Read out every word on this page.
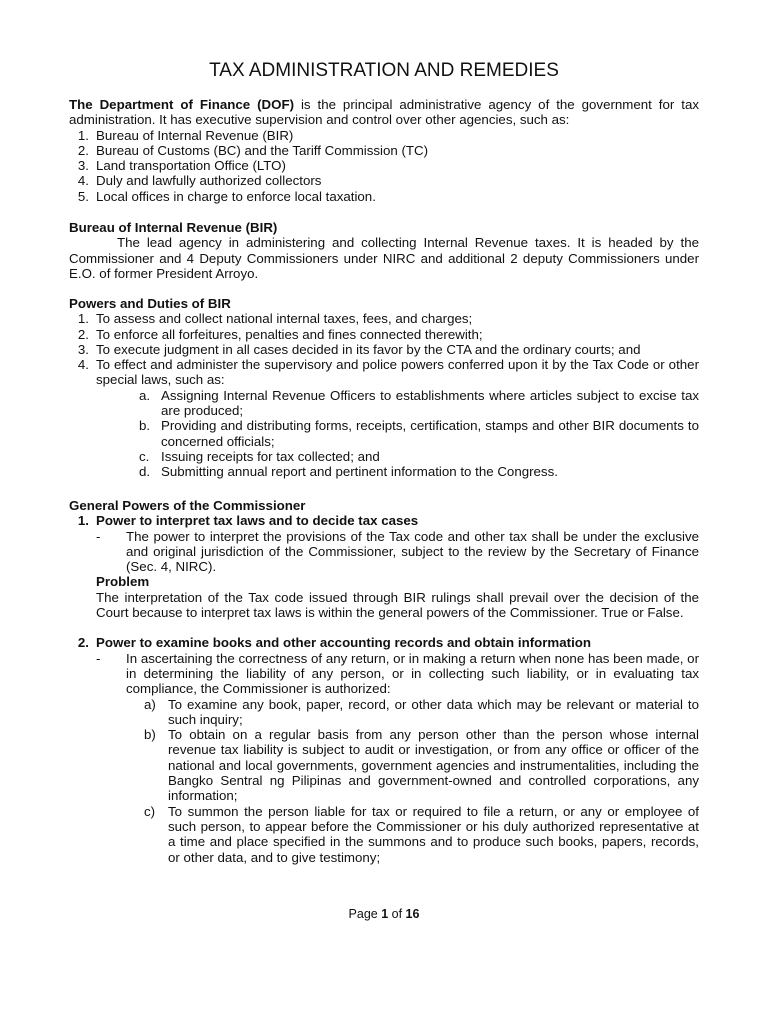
TAX ADMINISTRATION AND REMEDIES
The Department of Finance (DOF) is the principal administrative agency of the government for tax administration. It has executive supervision and control over other agencies, such as:
1. Bureau of Internal Revenue (BIR)
2. Bureau of Customs (BC) and the Tariff Commission (TC)
3. Land transportation Office (LTO)
4. Duly and lawfully authorized collectors
5. Local offices in charge to enforce local taxation.
Bureau of Internal Revenue (BIR)
The lead agency in administering and collecting Internal Revenue taxes. It is headed by the Commissioner and 4 Deputy Commissioners under NIRC and additional 2 deputy Commissioners under E.O. of former President Arroyo.
Powers and Duties of BIR
1. To assess and collect national internal taxes, fees, and charges;
2. To enforce all forfeitures, penalties and fines connected therewith;
3. To execute judgment in all cases decided in its favor by the CTA and the ordinary courts; and
4. To effect and administer the supervisory and police powers conferred upon it by the Tax Code or other special laws, such as:
a. Assigning Internal Revenue Officers to establishments where articles subject to excise tax are produced;
b. Providing and distributing forms, receipts, certification, stamps and other BIR documents to concerned officials;
c. Issuing receipts for tax collected; and
d. Submitting annual report and pertinent information to the Congress.
General Powers of the Commissioner
1. Power to interpret tax laws and to decide tax cases
-	The power to interpret the provisions of the Tax code and other tax shall be under the exclusive and original jurisdiction of the Commissioner, subject to the review by the Secretary of Finance (Sec. 4, NIRC).
Problem
The interpretation of the Tax code issued through BIR rulings shall prevail over the decision of the Court because to interpret tax laws is within the general powers of the Commissioner. True or False.
2. Power to examine books and other accounting records and obtain information
-	In ascertaining the correctness of any return, or in making a return when none has been made, or in determining the liability of any person, or in collecting such liability, or in evaluating tax compliance, the Commissioner is authorized:
a) To examine any book, paper, record, or other data which may be relevant or material to such inquiry;
b) To obtain on a regular basis from any person other than the person whose internal revenue tax liability is subject to audit or investigation, or from any office or officer of the national and local governments, government agencies and instrumentalities, including the Bangko Sentral ng Pilipinas and government-owned and controlled corporations, any information;
c) To summon the person liable for tax or required to file a return, or any or employee of such person, to appear before the Commissioner or his duly authorized representative at a time and place specified in the summons and to produce such books, papers, records, or other data, and to give testimony;
Page 1 of 16
